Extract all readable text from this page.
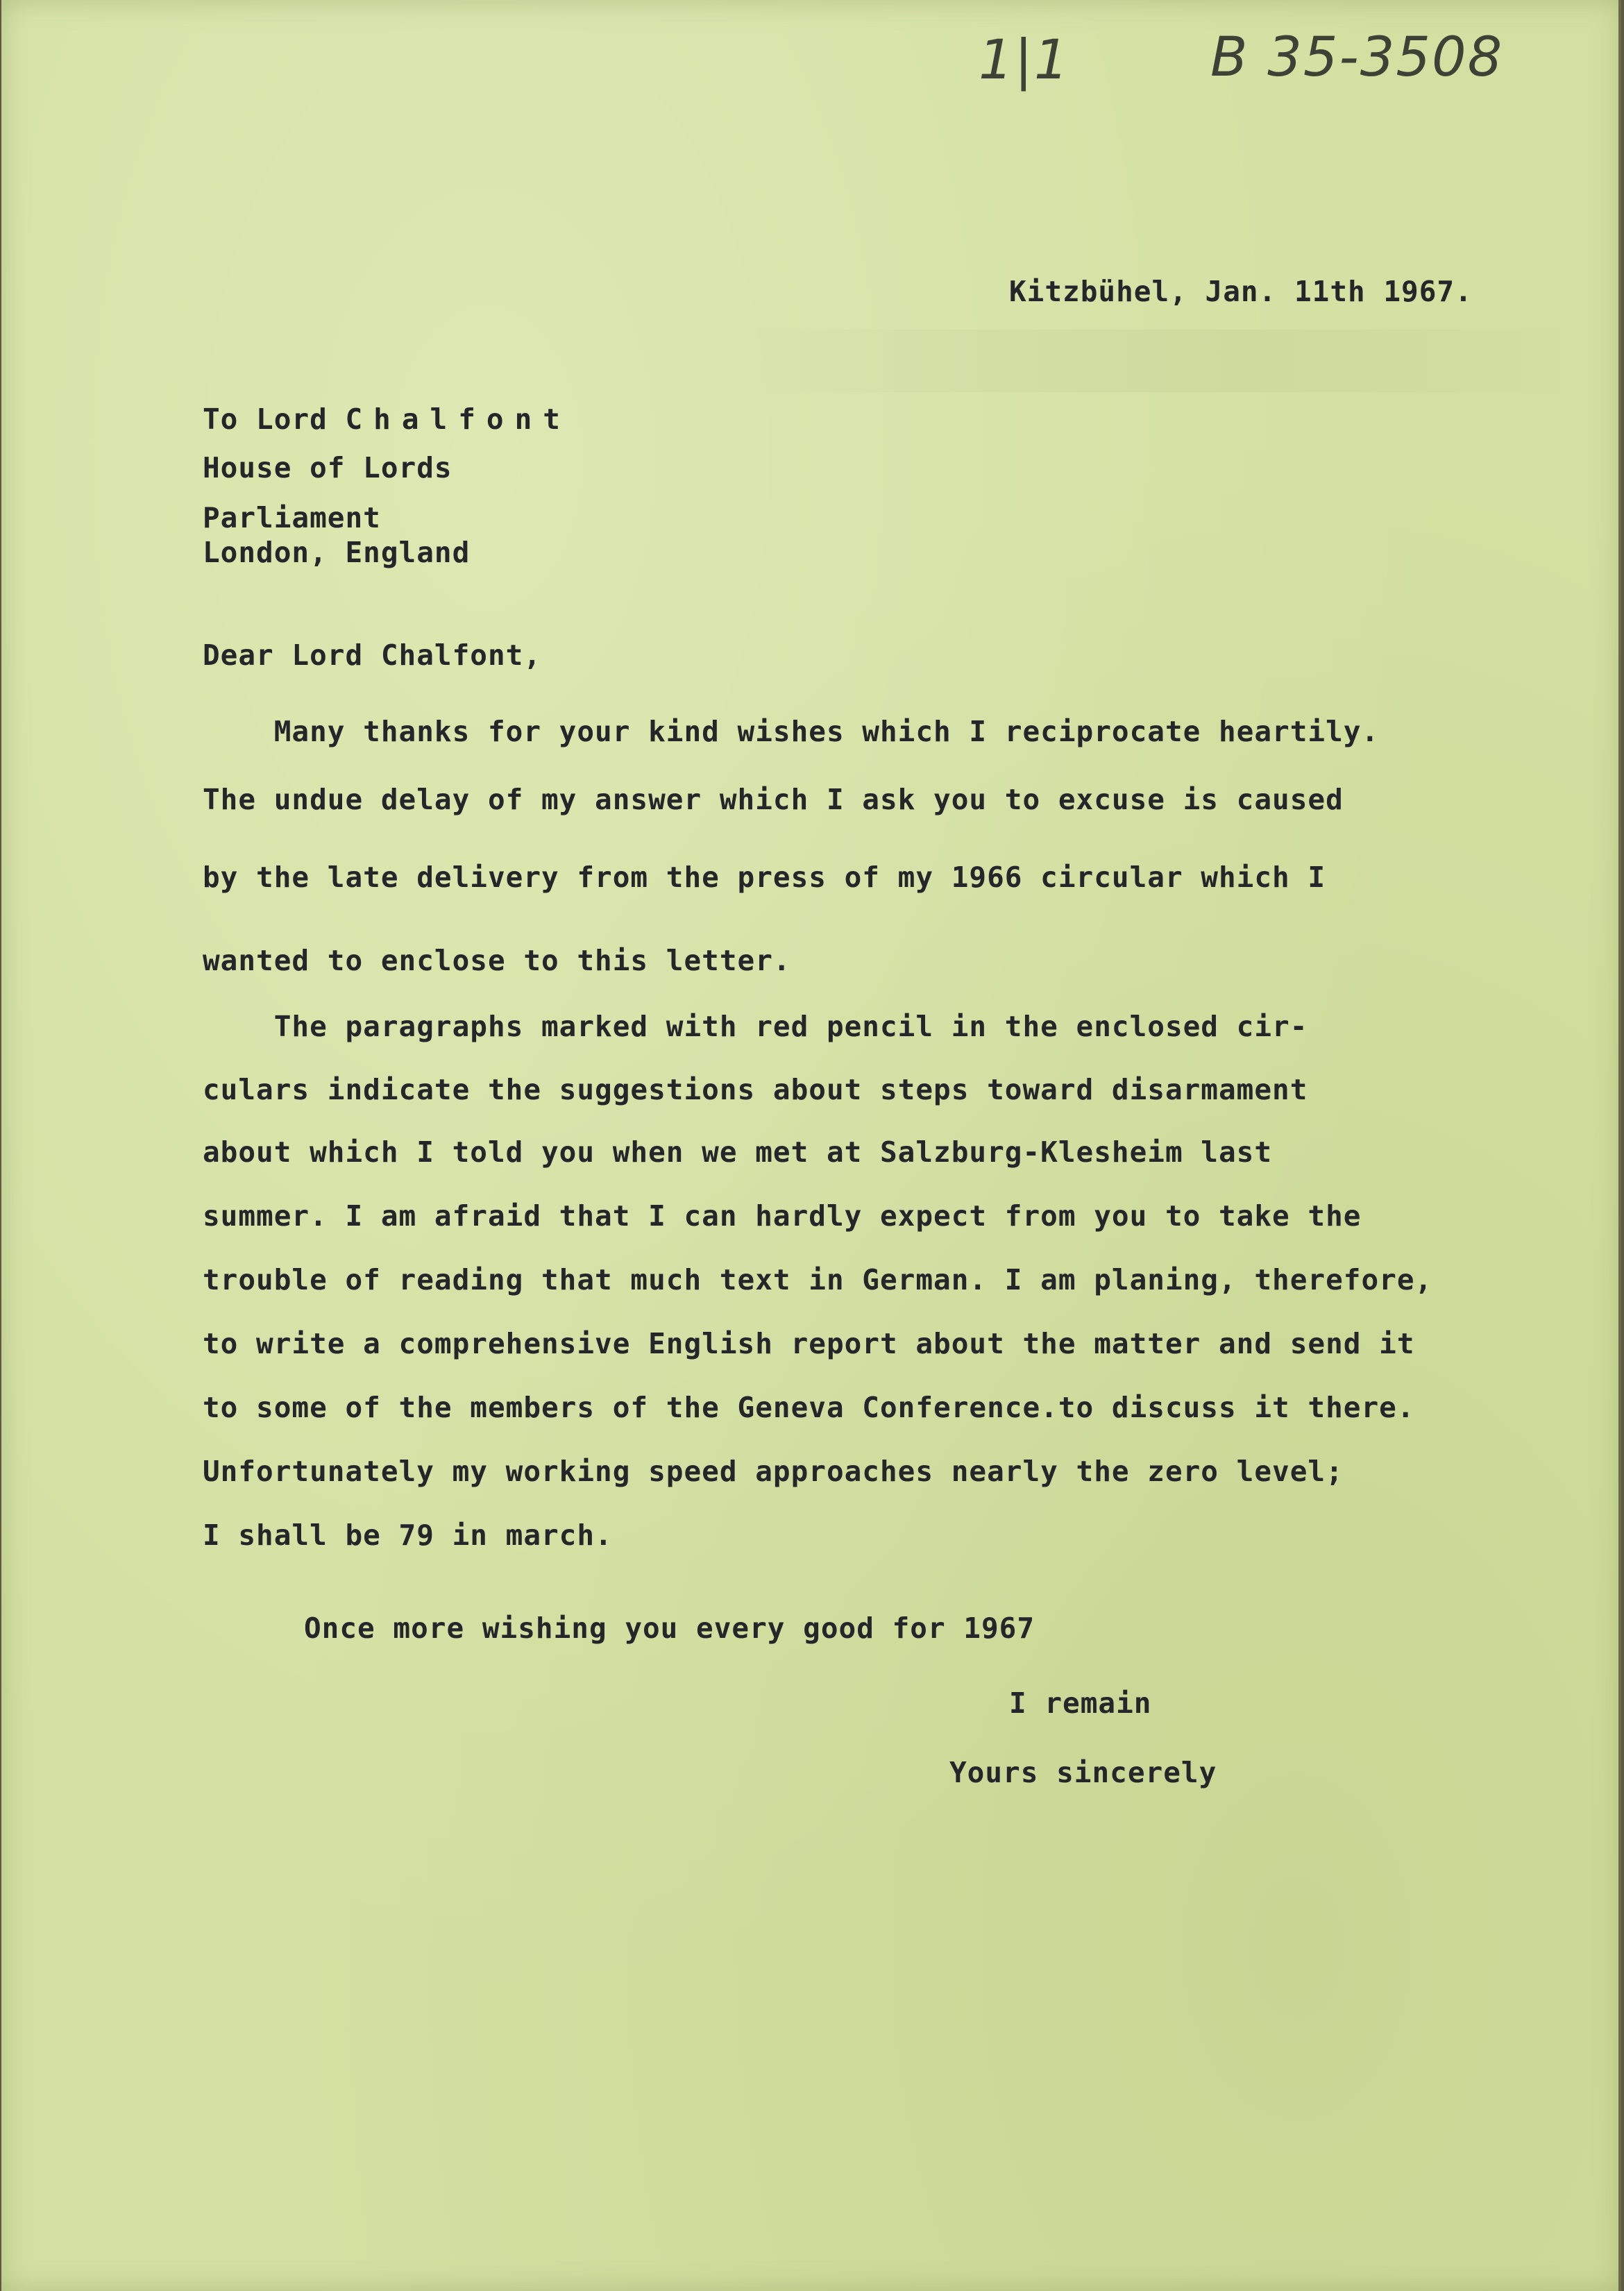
1|1	B 35-3508
Kitzbühel, Jan. 11th 1967.
To Lord Chalfont
House of Lords
Parliament
London, England
Dear Lord Chalfont,
Many thanks for your kind wishes which I reciprocate heartily.
The undue delay of my answer which I ask you to excuse is caused
by the late delivery from the press of my 1966 circular which I
wanted to enclose to this letter.
The paragraphs marked with red pencil in the enclosed cir-
culars indicate the suggestions about steps toward disarmament
about which I told you when we met at Salzburg-Klesheim last
summer. I am afraid that I can hardly expect from you to take the
trouble of reading that much text in German. I am planing, therefore,
to write a comprehensive English report about the matter and send it
to some of the members of the Geneva Conference.to discuss it there.
Unfortunately my working speed approaches nearly the zero level;
I shall be 79 in march.
Once more wishing you every good for 1967
I remain
Yours sincerely
